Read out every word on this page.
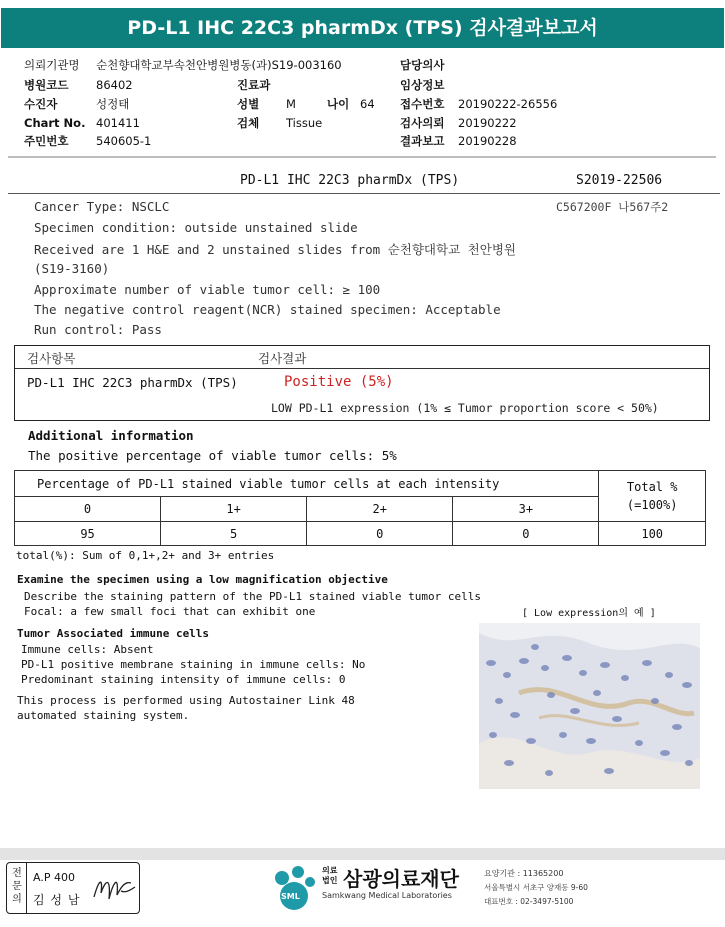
PD-L1 IHC 22C3 pharmDx (TPS) 검사결과보고서
의뢰기관명 순천향대학교부속천안병원병동(과)S19-003160
병원코드 86402
수진자	성정태
Chart No. 401411
주민번호 540605-1
진료과
성별 M	나이 64
검체 Tissue
담당의사
임상정보
접수번호 20190222-26556
검사의뢰 20190222
결과보고 20190228
PD-L1 IHC 22C3 pharmDx (TPS)	S2019-22506
C567200F 나567주2
Cancer Type: NSCLC
Specimen condition: outside unstained slide
Received are 1 H&E and 2 unstained slides from 순천향대학교 천안병원
(S19-3160)
Approximate number of viable tumor cell: ≥ 100
The negative control reagent(NCR) stained specimen: Acceptable
Run control: Pass
검사항목	검사결과
PD-L1 IHC 22C3 pharmDx (TPS)	Positive (5%)
LOW PD-L1 expression (1% ≤ Tumor proportion score < 50%)
Additional information
The positive percentage of viable tumor cells: 5%
Percentage of PD-L1 stained viable tumor cells at each intensity				Total %
(=100%)
0	1+	2+	3+	
95	5	0	0	100
total(%): Sum of 0,1+,2+ and 3+ entries
Examine the specimen using a low magnification objective
Describe the staining pattern of the PD-L1 stained viable tumor cells
Focal: a few small foci that can exhibit one	[ Low expression의 예 ]
Tumor Associated immune cells
Immune cells: Absent
PD-L1 positive membrane staining in immune cells: No
Predominant staining intensity of immune cells: 0
This process is performed using Autostainer Link 48
automated staining system.
전문의
A.P 400
김 성 남	SML
의료
법인 삼광의료재단
Samkwang Medical Laboratories
요양기관 : 11365200
서울특별시 서초구 양재동 9-60
대표번호 : 02-3497-5100
